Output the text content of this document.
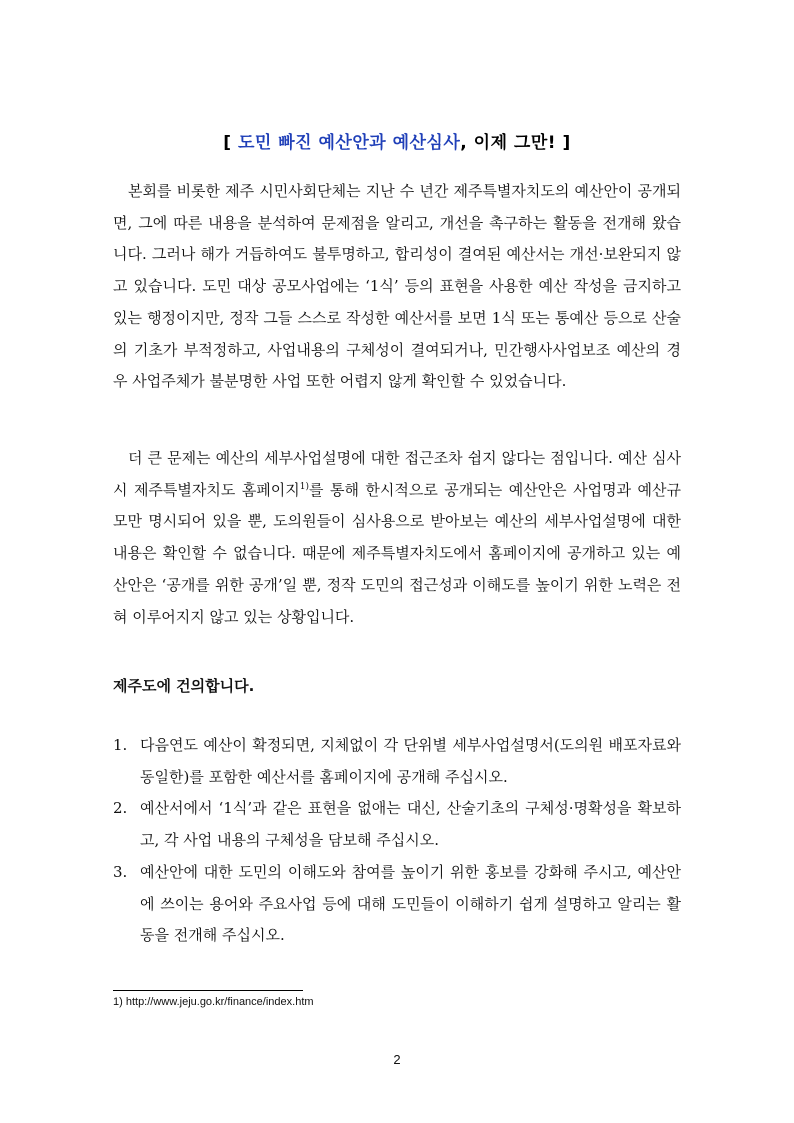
[ 도민 빠진 예산안과 예산심사, 이제 그만! ]

본회를 비롯한 제주 시민사회단체는 지난 수 년간 제주특별자치도의 예산안이 공개되면, 그에 따른 내용을 분석하여 문제점을 알리고, 개선을 촉구하는 활동을 전개해 왔습니다. 그러나 해가 거듭하여도 불투명하고, 합리성이 결여된 예산서는 개선·보완되지 않고 있습니다. 도민 대상 공모사업에는 ‘1식’ 등의 표현을 사용한 예산 작성을 금지하고 있는 행정이지만, 정작 그들 스스로 작성한 예산서를 보면 1식 또는 통예산 등으로 산술의 기초가 부적정하고, 사업내용의 구체성이 결여되거나, 민간행사사업보조 예산의 경우 사업주체가 불분명한 사업 또한 어렵지 않게 확인할 수 있었습니다.

더 큰 문제는 예산의 세부사업설명에 대한 접근조차 쉽지 않다는 점입니다. 예산 심사시 제주특별자치도 홈페이지$^{1)}$를 통해 한시적으로 공개되는 예산안은 사업명과 예산규모만 명시되어 있을 뿐, 도의원들이 심사용으로 받아보는 예산의 세부사업설명에 대한 내용은 확인할 수 없습니다. 때문에 제주특별자치도에서 홈페이지에 공개하고 있는 예산안은 ‘공개를 위한 공개’일 뿐, 정작 도민의 접근성과 이해도를 높이기 위한 노력은 전혀 이루어지지 않고 있는 상황입니다.

제주도에 건의합니다.
1. 다음연도 예산이 확정되면, 지체없이 각 단위별 세부사업설명서(도의원 배포자료와 동일한)를 포함한 예산서를 홈페이지에 공개해 주십시오.
2. 예산서에서 ‘1식’과 같은 표현을 없애는 대신, 산술기초의 구체성·명확성을 확보하고, 각 사업 내용의 구체성을 담보해 주십시오.
3. 예산안에 대한 도민의 이해도와 참여를 높이기 위한 홍보를 강화해 주시고, 예산안에 쓰이는 용어와 주요사업 등에 대해 도민들이 이해하기 쉽게 설명하고 알리는 활동을 전개해 주십시오.
1) http://www.jeju.go.kr/finance/index.htm
2
